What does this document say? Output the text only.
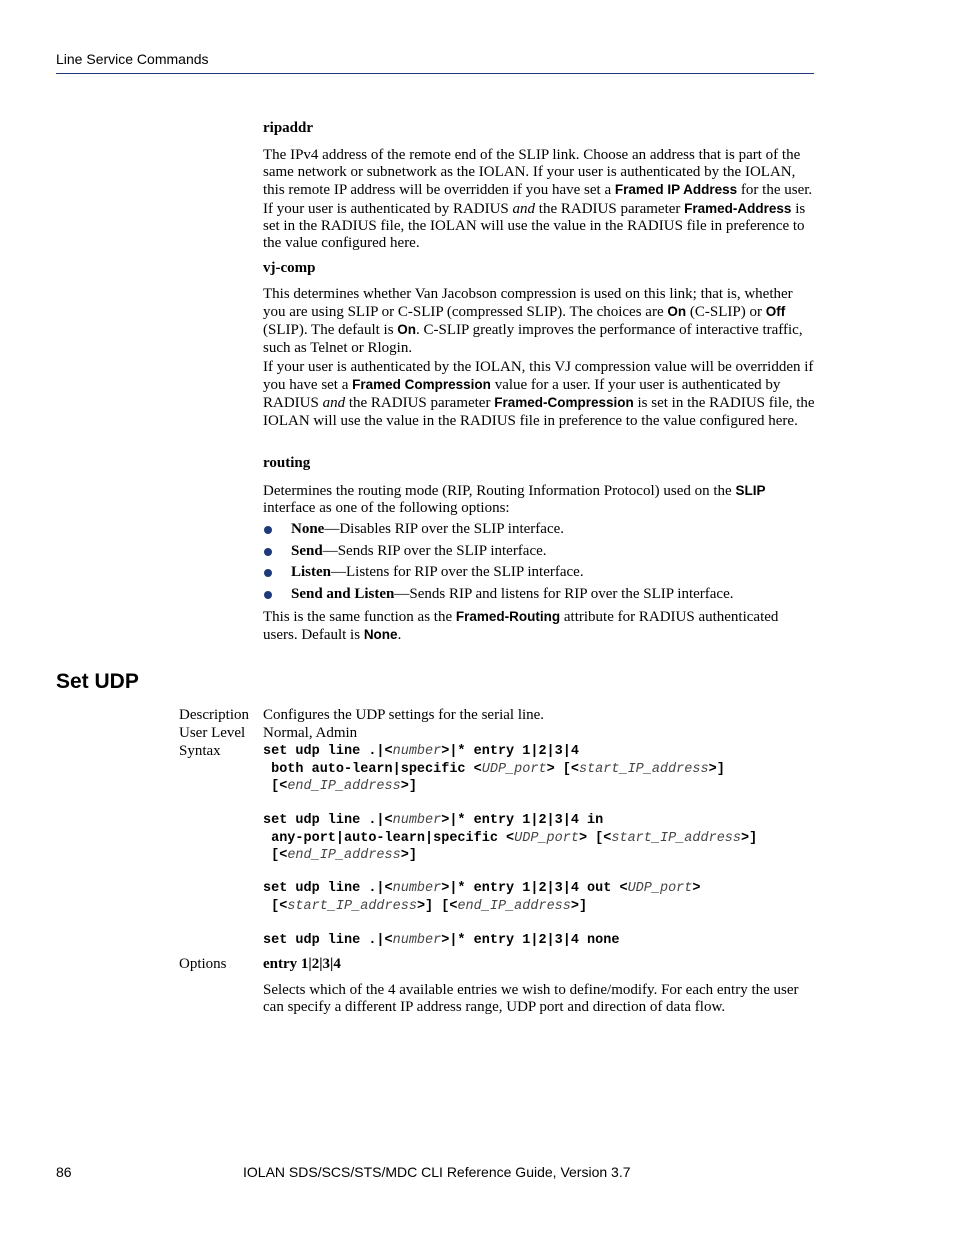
Line Service Commands
ripaddr

The IPv4 address of the remote end of the SLIP link. Choose an address that is part of the same network or subnetwork as the IOLAN. If your user is authenticated by the IOLAN, this remote IP address will be overridden if you have set a Framed IP Address for the user. If your user is authenticated by RADIUS and the RADIUS parameter Framed-Address is set in the RADIUS file, the IOLAN will use the value in the RADIUS file in preference to the value configured here.

vj-comp

This determines whether Van Jacobson compression is used on this link; that is, whether you are using SLIP or C-SLIP (compressed SLIP). The choices are On (C-SLIP) or Off (SLIP). The default is On. C-SLIP greatly improves the performance of interactive traffic, such as Telnet or Rlogin.

If your user is authenticated by the IOLAN, this VJ compression value will be overridden if you have set a Framed Compression value for a user. If your user is authenticated by RADIUS and the RADIUS parameter Framed-Compression is set in the RADIUS file, the IOLAN will use the value in the RADIUS file in preference to the value configured here.

routing

Determines the routing mode (RIP, Routing Information Protocol) used on the SLIP interface as one of the following options:

None—Disables RIP over the SLIP interface.
Send—Sends RIP over the SLIP interface.
Listen—Listens for RIP over the SLIP interface.
Send and Listen—Sends RIP and listens for RIP over the SLIP interface.

This is the same function as the Framed-Routing attribute for RADIUS authenticated users. Default is None.

Set UDP
Description Configures the UDP settings for the serial line.
User Level Normal, Admin
Syntax	set udp line .|<number>|* entry 1|2|3|4
both auto-learn|specific <UDP_port> [<start_IP_address>]
[<end_IP_address>]
set udp line .|<number>|* entry 1|2|3|4 in
any-port|auto-learn|specific <UDP_port> [<start_IP_address>]
[<end_IP_address>]
set udp line .|<number>|* entry 1|2|3|4 out <UDP_port>
[<start_IP_address>] [<end_IP_address>]
set udp line .|<number>|* entry 1|2|3|4 none
Options entry 1|2|3|4

Selects which of the 4 available entries we wish to define/modify. For each entry the user can specify a different IP address range, UDP port and direction of data flow.

86	IOLAN SDS/SCS/STS/MDC CLI Reference Guide, Version 3.7
